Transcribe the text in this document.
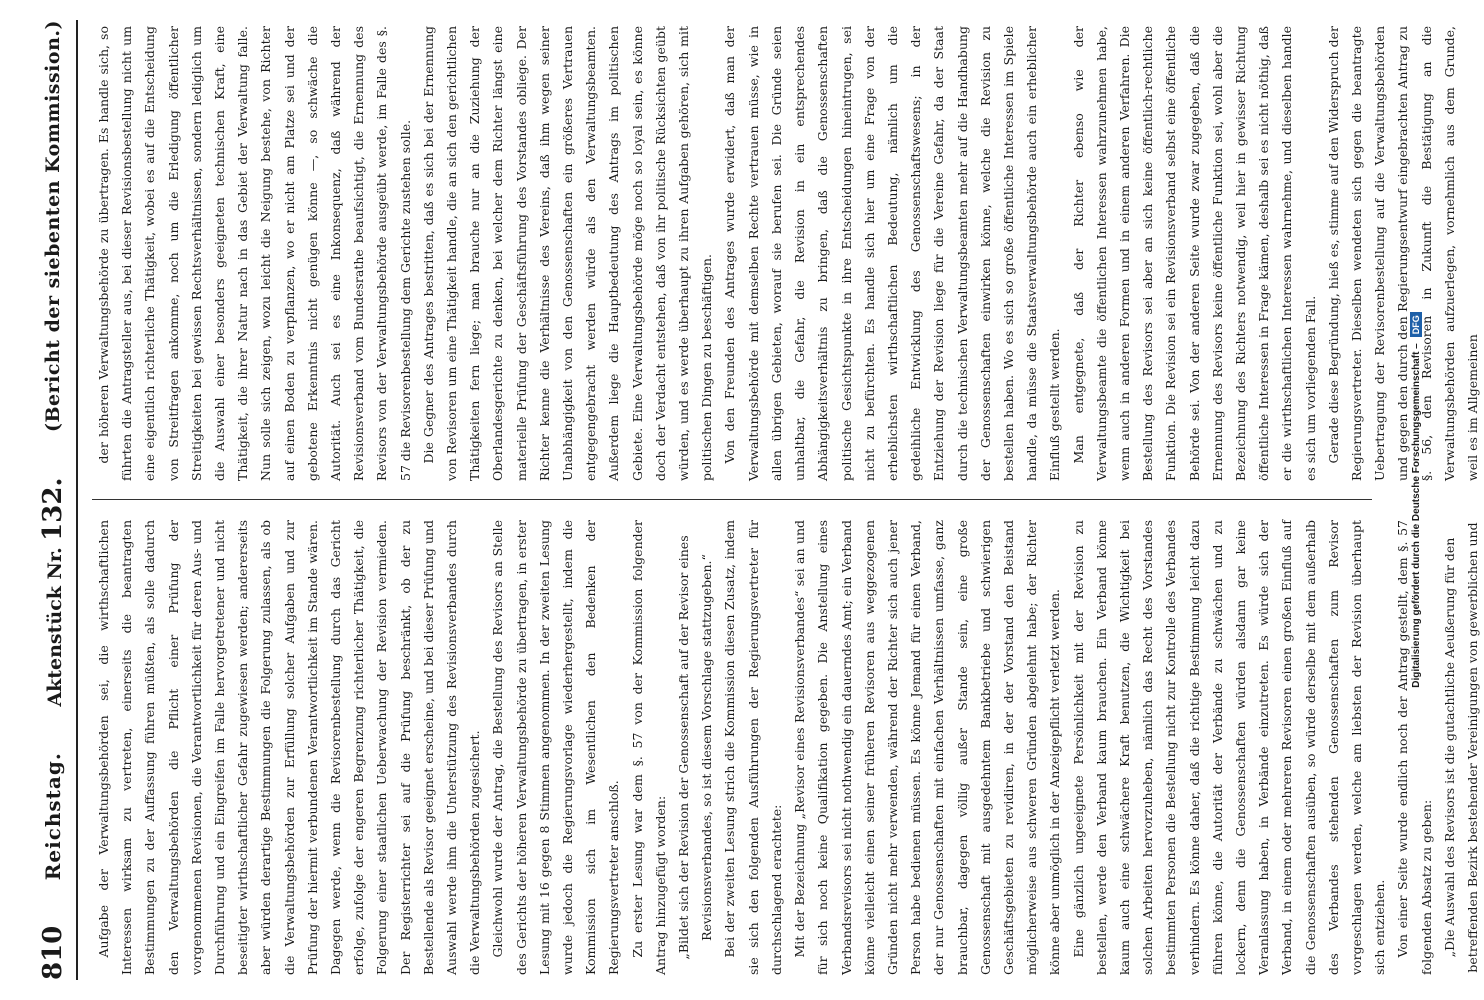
Digitalisierung gefördert durch die Deutsche Forschungsgemeinschaft –
DFG

der höheren Verwaltungsbehörde zu übertragen. Es handle sich, so führten die Antragsteller aus, bei dieser Revisionsbestellung nicht um eine eigentlich richterliche Thätigkeit, wobei es auf die Entscheidung von Streitfragen ankomme, noch um die Erledigung öffentlicher Streitigkeiten bei gewissen Rechtsverhältnissen, sondern lediglich um die Auswahl einer besonders geeigneten technischen Kraft, eine Thätigkeit, die ihrer Natur nach in das Gebiet der Verwaltung falle. Nun solle sich zeigen, wozu leicht die Neigung bestehe, von Richter auf einen Boden zu verpflanzen, wo er nicht am Platze sei und der gebotene Erkenntnis nicht genügen könne —, so schwäche die Autorität. Auch sei es eine Inkonsequenz, daß während der Revisionsverband vom Bundesrathe beaufsichtigt, die Ernennung des Revisors von der Verwaltungsbehörde ausgeübt werde, im Falle des §. 57 die Revisorenbestellung dem Gerichte zustehen solle. Die Gegner des Antrages bestritten, daß es sich bei der Ernennung von Revisoren um eine Thätigkeit handle, die an sich den gerichtlichen Thätigkeiten fern liege; man brauche nur an die Zuziehung der Oberlandesgerichte zu denken, bei welcher dem Richter längst eine materielle Prüfung der Geschäftsführung des Vorstandes obliege. Der Richter kenne die Verhältnisse des Vereins, daß ihm wegen seiner Unabhängigkeit von den Genossenschaften ein größeres Vertrauen entgegengebracht werden würde als den Verwaltungsbeamten. Außerdem liege die Hauptbedeutung des Antrags im politischen Gebiete. Eine Verwaltungsbehörde möge noch so loyal sein, es könne doch der Verdacht entstehen, daß von ihr politische Rücksichten geübt würden, und es werde überhaupt zu ihren Aufgaben gehören, sich mit politischen Dingen zu beschäftigen. Von den Freunden des Antrages wurde erwidert, daß man der Verwaltungsbehörde mit demselben Rechte vertrauen müsse, wie in allen übrigen Gebieten, worauf sie berufen sei. Die Gründe seien unhaltbar, die Gefahr, die Revision in ein entsprechendes Abhängigkeitsverhältnis zu bringen, daß die Genossenschaften politische Gesichtspunkte in ihre Entscheidungen hineintrugen, sei nicht zu befürchten. Es handle sich hier um eine Frage von der erheblichsten wirthschaftlichen Bedeutung, nämlich um die gedeihliche Entwicklung des Genossenschaftswesens; in der Entziehung der Revision liege für die Vereine Gefahr, da der Staat durch die technischen Verwaltungsbeamten mehr auf die Handhabung der Genossenschaften einwirken könne, welche die Revision zu bestellen haben. Wo es sich so große öffentliche Interessen im Spiele handle, da müsse die Staatsverwaltungsbehörde auch ein erheblicher Einfluß gestellt werden. Man entgegnete, daß der Richter ebenso wie der Verwaltungsbeamte die öffentlichen Interessen wahrzunehmen habe, wenn auch in anderen Formen und in einem anderen Verfahren. Die Bestellung des Revisors sei aber an sich keine öffentlich-rechtliche Funktion. Die Revision sei ein Revisionsverband selbst eine öffentliche Behörde sei. Von der anderen Seite wurde zwar zugegeben, daß die Ernennung des Revisors keine öffentliche Funktion sei, wohl aber die Bezeichnung des Richters notwendig, weil hier in gewisser Richtung öffentliche Interessen in Frage kämen, deshalb sei es nicht nöthig, daß er die wirthschaftlichen Interessen wahrnehme, und dieselben handle es sich um vorliegenden Fall. Gerade diese Begründung, hieß es, stimme auf den Widerspruch der Regierungsvertreter. Dieselben wendeten sich gegen die beantragte Uebertragung der Revisorenbestellung auf die Verwaltungsbehörden und gegen den durch den Regierungsentwurf eingebrachten Antrag zu §. 56, den Revisoren in Zukunft die Bestätigung an die Verwaltungsbehörden aufzuerlegen, vornehmlich aus dem Grunde, weil es im Allgemeinen

Aufgabe der Verwaltungsbehörden sei, die wirthschaftlichen Interessen wirksam zu vertreten, einerseits die beantragten Bestimmungen zu der Auffassung führen müßten, als solle dadurch den Verwaltungsbehörden die Pflicht einer Prüfung der vorgenommenen Revisionen, die Verantwortlichkeit für deren Aus- und Durchführung und ein Eingreifen im Falle hervorgetretener und nicht beseitigter wirthschaftlicher Gefahr zugewiesen werden; andererseits aber würden derartige Bestimmungen die Folgerung zulassen, als ob die Verwaltungsbehörden zur Erfüllung solcher Aufgaben und zur Prüfung der hiermit verbundenen Verantwortlichkeit im Stande wären. Dagegen werde, wenn die Revisorenbestellung durch das Gericht erfolge, zufolge der engeren Begrenzung richterlicher Thätigkeit, die Folgerung einer staatlichen Ueberwachung der Revision vermieden. Der Registerrichter sei auf die Prüfung beschränkt, ob der zu Bestellende als Revisor geeignet erscheine, und bei dieser Prüfung und Auswahl werde ihm die Unterstützung des Revisionsverbandes durch die Verwaltungsbehörden zugesichert. Gleichwohl wurde der Antrag, die Bestellung des Revisors an Stelle des Gerichts der höheren Verwaltungsbehörde zu übertragen, in erster Lesung mit 16 gegen 8 Stimmen angenommen. In der zweiten Lesung wurde jedoch die Regierungsvorlage wiederhergestellt, indem die Kommission sich im Wesentlichen den Bedenken der Regierungsvertreter anschloß. Zu erster Lesung war dem §. 57 von der Kommission folgender Antrag hinzugefügt worden: „Bildet sich der Revision der Genossenschaft auf der Revisor eines Revisionsverbandes, so ist diesem Vorschlage stattzugeben.“ Bei der zweiten Lesung strich die Kommission diesen Zusatz, indem sie sich den folgenden Ausführungen der Regierungsvertreter für durchschlagend erachtete: Mit der Bezeichnung „Revisor eines Revisionsverbandes“ sei an und für sich noch keine Qualifikation gegeben. Die Anstellung eines Verbandsrevisors sei nicht nothwendig ein dauerndes Amt; ein Verband könne vielleicht einen seiner früheren Revisoren aus weggezogenen Gründen nicht mehr verwenden, während der Richter sich auch jener Person habe bedienen müssen. Es könne Jemand für einen Verband, der nur Genossenschaften mit einfachen Verhältnissen umfasse, ganz brauchbar, dagegen völlig außer Stande sein, eine große Genossenschaft mit ausgedehntem Bankbetriebe und schwierigen Geschäftsgebieten zu revidiren, in der der Vorstand den Beistand möglicherweise aus schweren Gründen abgelehnt habe; der Richter könne aber unmöglich in der Anzeigepflicht verletzt werden. Eine gänzlich ungeeignete Persönlichkeit mit der Revision zu bestellen, werde den Verband kaum brauchen. Ein Verband könne kaum auch eine schwächere Kraft benutzen, die Wichtigkeit bei solchen Arbeiten hervorzuheben, nämlich das Recht des Vorstandes bestimmten Personen die Bestellung nicht zur Kontrolle des Verbandes verhindern. Es könne daher, daß die richtige Bestimmung leicht dazu führen könne, die Autorität der Verbände zu schwächen und zu lockern, denn die Genossenschaften würden alsdann gar keine Veranlassung haben, in Verbände einzutreten. Es würde sich der Verband, in einem oder mehreren Revisoren einen großen Einfluß auf die Genossenschaften ausüben, so würde derselbe mit dem außerhalb des Verbandes stehenden Genossenschaften zum Revisor vorgeschlagen werden, welche am liebsten der Revision überhaupt sich entziehen. Von einer Seite wurde endlich noch der Antrag gestellt, dem §. 57 folgenden Absatz zu geben: „Die Auswahl des Revisors ist die gutachtliche Aeußerung für den betreffenden Bezirk bestehender Vereinigungen von gewerblichen und

810
Reichstag.
Aktenstück Nr. 132.
(Bericht der siebenten Kommission.)
